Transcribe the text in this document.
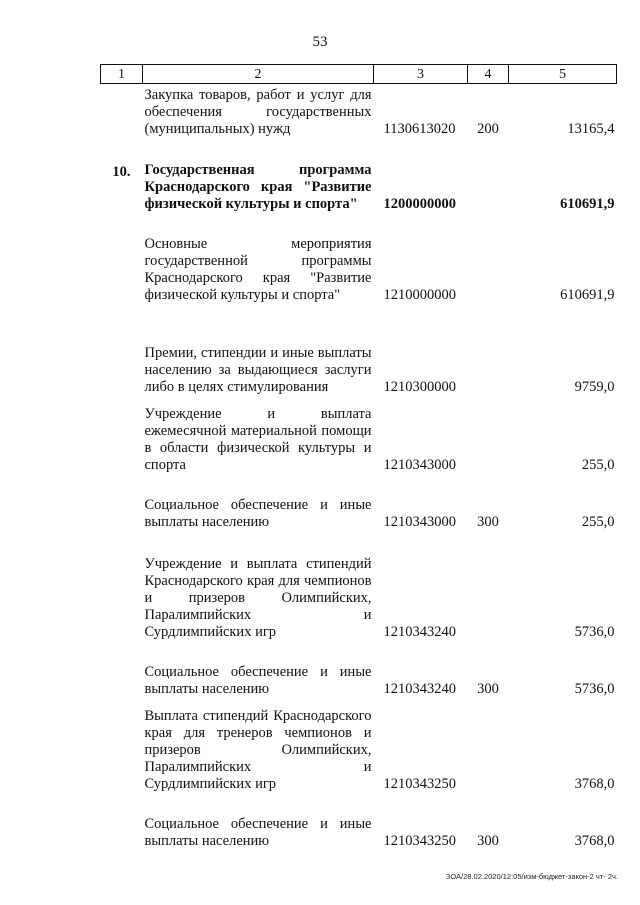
53
1	2	3	4	5
	Закупка товаров, работ и услуг для обеспечения государственных (муниципальных) нужд	1130613020	200	13165,4
10.	Государственная программа Краснодарского края "Развитие физической культуры и спорта"	1200000000		610691,9
	Основные мероприятия государственной программы Краснодарского края "Развитие физической культуры и спорта"	1210000000		610691,9
	Премии, стипендии и иные выплаты населению за выдающиеся заслуги либо в целях стимулирования	1210300000		9759,0
	Учреждение и выплата ежемесячной материальной помощи в области физической культуры и спорта	1210343000		255,0
	Социальное обеспечение и иные выплаты населению	1210343000	300	255,0
	Учреждение и выплата стипендий Краснодарского края для чемпионов и призеров Олимпийских, Паралимпийских и Сурдлимпийских игр	1210343240		5736,0
	Социальное обеспечение и иные выплаты населению	1210343240	300	5736,0
	Выплата стипендий Краснодарского края для тренеров чемпионов и призеров Олимпийских, Паралимпийских и Сурдлимпийских игр	1210343250		3768,0
	Социальное обеспечение и иные выплаты населению	1210343250	300	3768,0
ЗОА/28.02.2020/12:05/изм-бюджет-закон-2 чт- 2ч.
